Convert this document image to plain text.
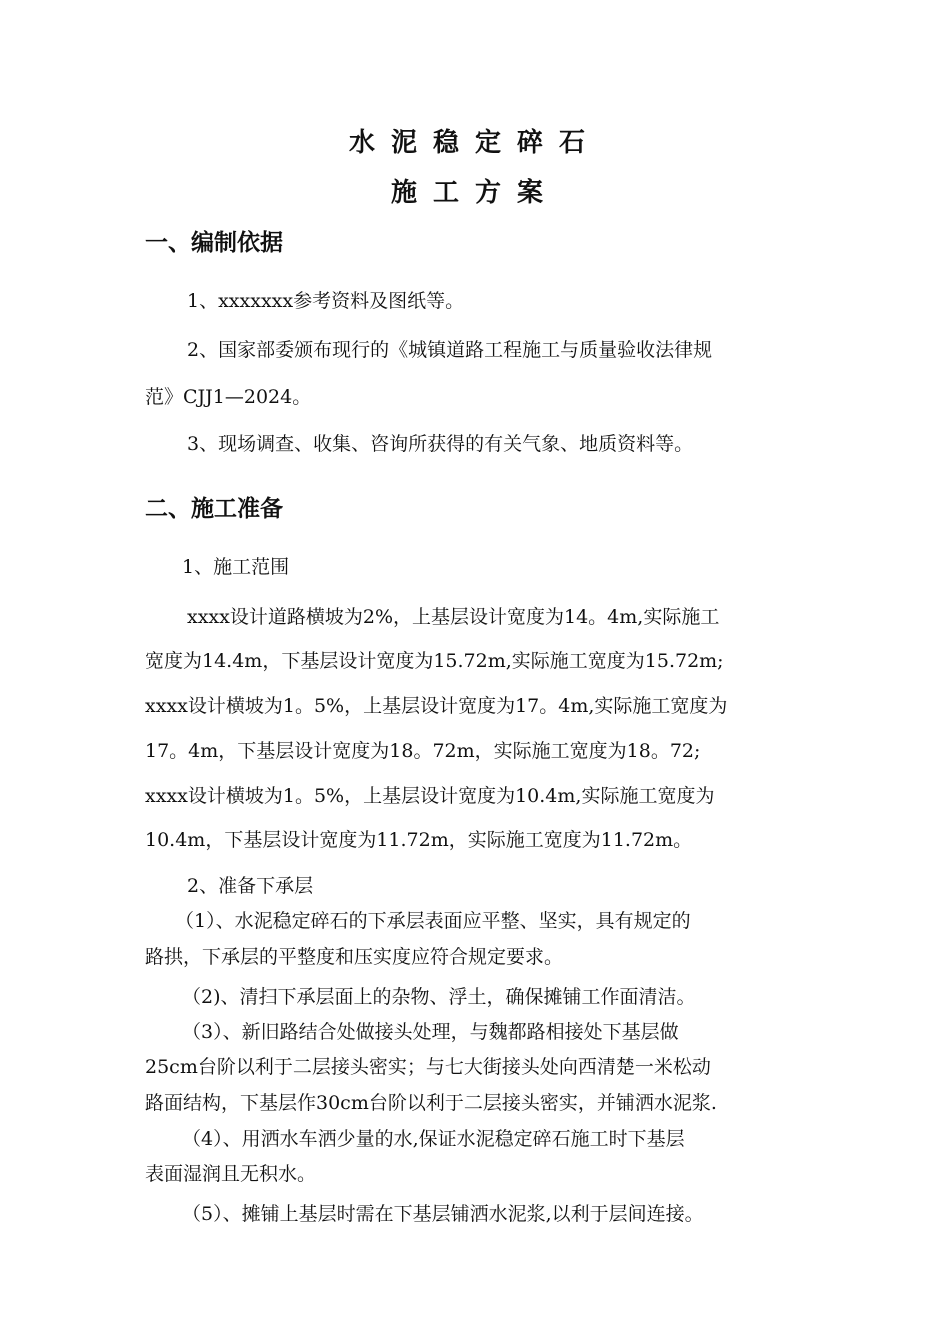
水泥稳定碎石
施工方案
一、编制依据
1、xxxxxxx参考资料及图纸等。
2、国家部委颁布现行的《城镇道路工程施工与质量验收法律规
范》CJJ1—2024。
3、现场调查、收集、咨询所获得的有关气象、地质资料等。
二、施工准备
1、施工范围
xxxx设计道路横坡为2%，上基层设计宽度为14。4m,实际施工
宽度为14.4m，下基层设计宽度为15.72m,实际施工宽度为15.72m;
xxxx设计横坡为1。5%，上基层设计宽度为17。4m,实际施工宽度为
17。4m，下基层设计宽度为18。72m，实际施工宽度为18。72;
xxxx设计横坡为1。5%，上基层设计宽度为10.4m,实际施工宽度为
10.4m，下基层设计宽度为11.72m，实际施工宽度为11.72m。
2、准备下承层
（1）、水泥稳定碎石的下承层表面应平整、坚实，具有规定的
路拱，下承层的平整度和压实度应符合规定要求。
（2)、清扫下承层面上的杂物、浮土，确保摊铺工作面清洁。
（3）、新旧路结合处做接头处理，与魏都路相接处下基层做
25cm台阶以利于二层接头密实；与七大街接头处向西清楚一米松动
路面结构，下基层作30cm台阶以利于二层接头密实，并铺洒水泥浆.
（4）、用洒水车洒少量的水,保证水泥稳定碎石施工时下基层
表面湿润且无积水。
（5）、摊铺上基层时需在下基层铺洒水泥浆,以利于层间连接。
